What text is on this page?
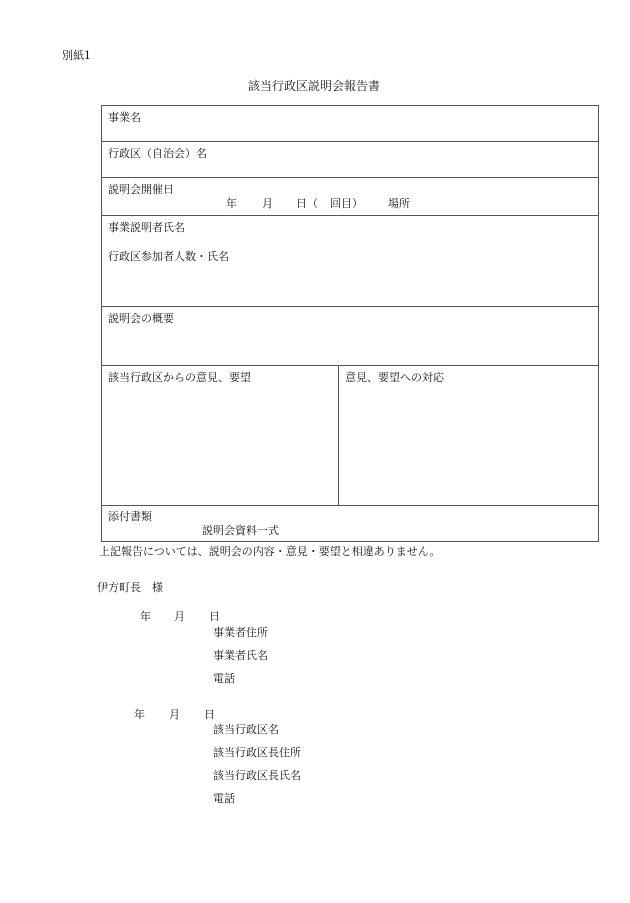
別紙1
該当行政区説明会報告書
事業名
行政区（自治会）名
説明会開催日
年 月 日（ 回目） 場所
事業説明者氏名
行政区参加者人数・氏名
説明会の概要
該当行政区からの意見、要望	意見、要望への対応
添付書類
説明会資料一式
上記報告については、説明会の内容・意見・要望と相違ありません。
伊方町長　様
年 月 日
事業者住所
事業者氏名
電話
年 月 日
該当行政区名
該当行政区長住所
該当行政区長氏名
電話
